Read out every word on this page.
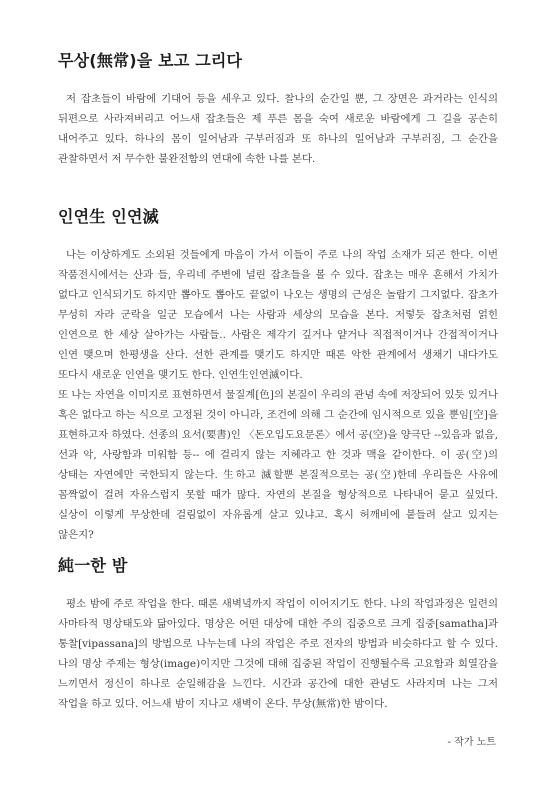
무상(無常)을 보고 그리다

저 잡초들이 바람에 기대어 등을 세우고 있다. 찰나의 순간일 뿐, 그 장면은 과거라는 인식의 뒤편으로 사라져버리고 어느새 잡초들은 제 푸른 몸을 숙여 새로운 바람에게 그 길을 공손히 내어주고 있다. 하나의 몸이 일어남과 구부러짐과 또 하나의 일어남과 구부러짐, 그 순간을 관찰하면서 저 무수한 불완전함의 연대에 속한 나를 본다.

인연生 인연滅

나는 이상하게도 소외된 것들에게 마음이 가서 이들이 주로 나의 작업 소재가 되곤 한다. 이번 작품전시에서는 산과 들, 우리네 주변에 널린 잡초들을 볼 수 있다. 잡초는 매우 흔해서 가치가 없다고 인식되기도 하지만 뽑아도 뽑아도 끝없이 나오는 생명의 근성은 놀랍기 그지없다. 잡초가 무성히 자라 군락을 일군 모습에서 나는 사람과 세상의 모습을 본다. 저렇듯 잡초처럼 얽힌 인연으로 한 세상 살아가는 사람들.. 사람은 제각기 깊거나 얕거나 직접적이거나 간접적이거나 인연 맺으며 한평생을 산다. 선한 관계를 맺기도 하지만 때론 악한 관계에서 생채기 내다가도 또다시 새로운 인연을 맺기도 한다. 인연生인연滅이다.

또 나는 자연을 이미지로 표현하면서 물질계[色]의 본질이 우리의 관념 속에 저장되어 있듯 있거나 혹은 없다고 하는 식으로 고정된 것이 아니라, 조건에 의해 그 순간에 임시적으로 있을 뿐임[空]을 표현하고자 하였다. 선종의 요서(要書)인 〈돈오입도요문론〉에서 공(空)을 양극단 --있음과 없음, 선과 악, 사랑함과 미워함 등-- 에 걸리지 않는 지혜라고 한 것과 맥을 같이한다. 이 공(空)의 상태는 자연에만 국한되지 않는다. 生하고 滅할뿐 본질적으로는 공(空)한데 우리들은 사유에 꼼짝없이 걸려 자유스럽지 못할 때가 많다. 자연의 본질을 형상적으로 나타내어 묻고 싶었다. 실상이 이렇게 무상한데 걸림없이 자유롭게 살고 있냐고. 혹시 허깨비에 붙들려 살고 있지는 않은지?

純一한 밤

평소 밤에 주로 작업을 한다. 때론 새벽녘까지 작업이 이어지기도 한다. 나의 작업과정은 일련의 사마타적 명상태도와 닮아있다. 명상은 어떤 대상에 대한 주의 집중으로 크게 집중[samatha]과 통찰[vipassana]의 방법으로 나누는데 나의 작업은 주로 전자의 방법과 비슷하다고 할 수 있다. 나의 명상 주제는 형상(image)이지만 그것에 대해 집중된 작업이 진행될수록 고요함과 희열감을 느끼면서 정신이 하나로 순일해감을 느낀다. 시간과 공간에 대한 관념도 사라지며 나는 그저 작업을 하고 있다. 어느새 밤이 지나고 새벽이 온다. 무상(無常)한 밤이다.

- 작가 노트
